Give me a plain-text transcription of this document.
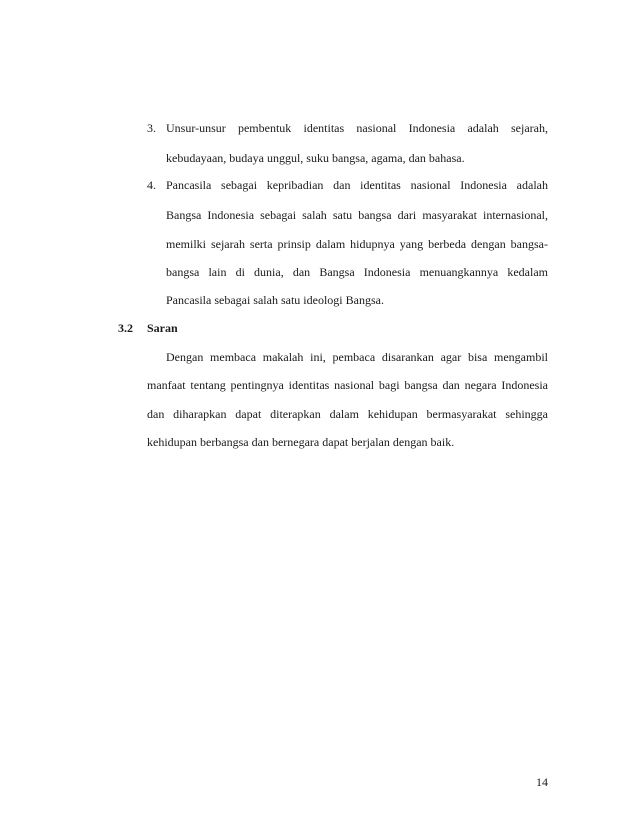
3. Unsur-unsur pembentuk identitas nasional Indonesia adalah sejarah,
kebudayaan, budaya unggul, suku bangsa, agama, dan bahasa.
4. Pancasila sebagai kepribadian dan identitas nasional Indonesia adalah
Bangsa Indonesia sebagai salah satu bangsa dari masyarakat internasional,
memilki sejarah serta prinsip dalam hidupnya yang berbeda dengan bangsa-
bangsa lain di dunia, dan Bangsa Indonesia menuangkannya kedalam
Pancasila sebagai salah satu ideologi Bangsa.
3.2 Saran
Dengan membaca makalah ini, pembaca disarankan agar bisa mengambil
manfaat tentang pentingnya identitas nasional bagi bangsa dan negara Indonesia
dan diharapkan dapat diterapkan dalam kehidupan bermasyarakat sehingga
kehidupan berbangsa dan bernegara dapat berjalan dengan baik.
14
